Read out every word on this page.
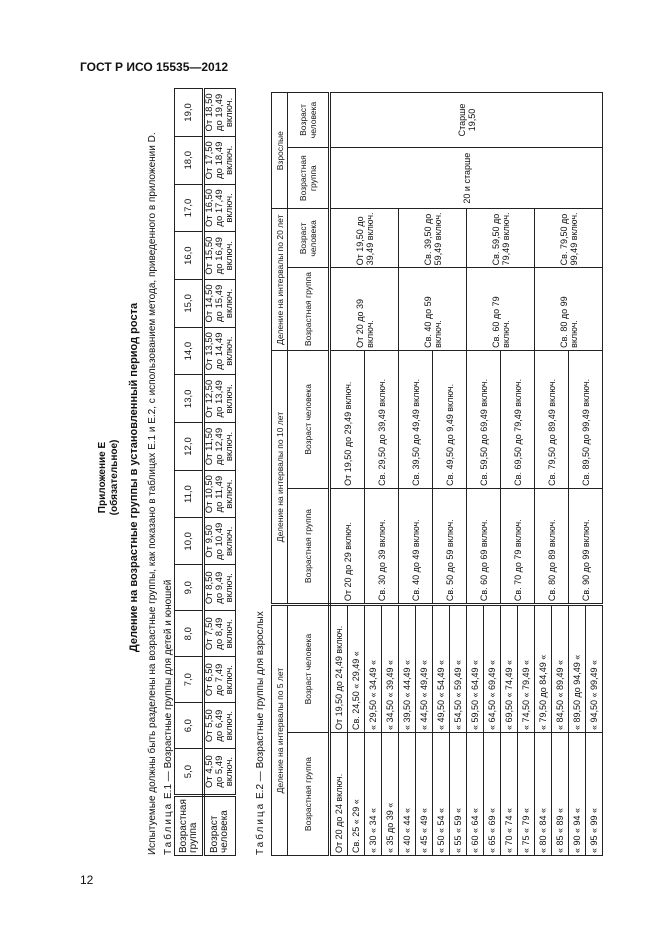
ГОСТ Р ИСО 15535—2012
12
Приложение Е (обязательное) Деление на возрастные группы в установленный период роста Испытуемые должны быть разделены на возрастные группы, как показано в таблицах Е.1 и Е.2, с использованием метода, приведенного в приложении D. Таблица Е.1 — Возрастные группы для детей и юношей
Возрастная группа	5,0	6,0	7,0	8,0	9,0	10,0	11,0	12,0	13,0	14,0	15,0	16,0	17,0	18,0	19,0
Возраст человека	От 4,50 до 5,49 включ.	От 5,50 до 6,49 включ.	От 6,50 до 7,49 включ.	От 7,50 до 8,49 включ.	От 8,50 до 9,49 включ.	От 9,50 до 10,49 включ.	От 10,50 до 11,49 включ.	От 11,50 до 12,49 включ.	От 12,50 до 13,49 включ.	От 13,50 до 14,49 включ.	От 14,50 до 15,49 включ.	От 15,50 до 16,49 включ.	От 16,50 до 17,49 включ.	От 17,50 до 18,49 включ.	От 18,50 до 19,49 включ.
Таблица Е.2 — Возрастные группы для взрослых Деление на интервалы по 5 лет		Деление на интервалы по 10 лет		Деление на интервалы по 20 лет		Взрослые	
Возрастная группа	Возраст человека	Возрастная группа	Возраст человека	Возрастная группа	Возраст человека	Возрастная группа	Возраст человека
От 20 до 24 включ.	От 19,50 до 24,49 включ.	От 20 до 29 включ.	От 19,50 до 29,49 включ.	От 20 до 39 включ.	От 19,50 до 39,49 включ.	20 и старше	Старше 19,50
Св. 25 « 29 «	Св. 24,50 « 29,49 «						
« 30 « 34 «	« 29,50 « 34,49 «	Св. 30 до 39 включ.	Св. 29,50 до 39,49 включ.				
« 35 до 39 «	« 34,50 « 39,49 «						
« 40 « 44 «	« 39,50 « 44,49 «	Св. 40 до 49 включ.	Св. 39,50 до 49,49 включ.	Св. 40 до 59 включ.	Св. 39,50 до 59,49 включ.		
« 45 « 49 «	« 44,50 « 49,49 «						
« 50 « 54 «	« 49,50 « 54,49 «	Св. 50 до 59 включ.	Св. 49,50 до 9,49 включ.				
« 55 « 59 «	« 54,50 « 59,49 «						
« 60 « 64 «	« 59,50 « 64,49 «	Св. 60 до 69 включ.	Св. 59,50 до 69,49 включ.	Св. 60 до 79 включ.	Св. 59,50 до 79,49 включ.		
« 65 « 69 «	« 64,50 « 69,49 «						
« 70 « 74 «	« 69,50 « 74,49 «	Св. 70 до 79 включ.	Св. 69,50 до 79,49 включ.				
« 75 « 79 «	« 74,50 « 79,49 «						
« 80 « 84 «	« 79,50 до 84,49 «	Св. 80 до 89 включ.	Св. 79,50 до 89,49 включ.	Св. 80 до 99 включ.	Св. 79,50 до 99,49 включ.		
« 85 « 89 «	« 84,50 « 89,49 «						
« 90 « 94 «	« 89,50 до 94,49 «	Св. 90 до 99 включ.	Св. 89,50 до 99,49 включ.				
« 95 « 99 «	« 94,50 « 99,49 «						
